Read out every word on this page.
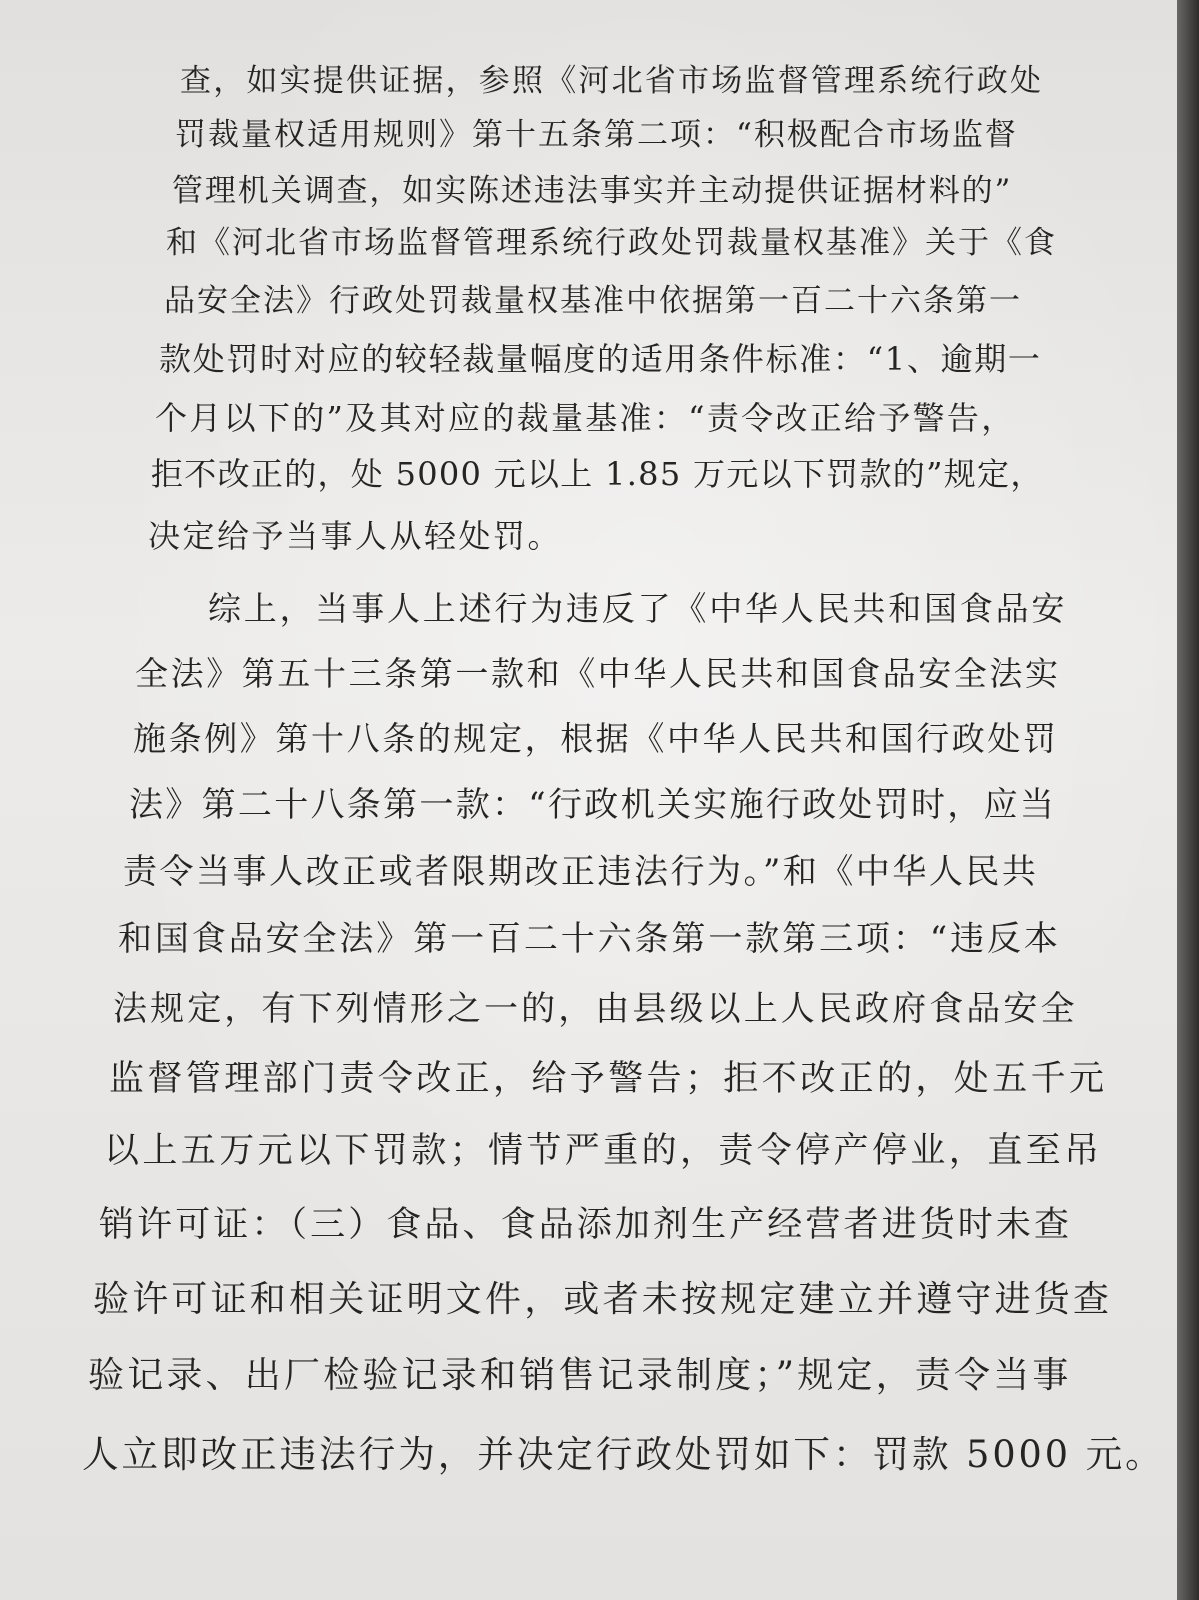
查，如实提供证据，参照《河北省市场监督管理系统行政处
罚裁量权适用规则》第十五条第二项：“积极配合市场监督
管理机关调查，如实陈述违法事实并主动提供证据材料的”
和《河北省市场监督管理系统行政处罚裁量权基准》关于《食
品安全法》行政处罚裁量权基准中依据第一百二十六条第一
款处罚时对应的较轻裁量幅度的适用条件标准：“1、逾期一
个月以下的”及其对应的裁量基准：“责令改正给予警告，
拒不改正的，处 5000 元以上 1.85 万元以下罚款的”规定，
决定给予当事人从轻处罚。
综上，当事人上述行为违反了《中华人民共和国食品安
全法》第五十三条第一款和《中华人民共和国食品安全法实
施条例》第十八条的规定，根据《中华人民共和国行政处罚
法》第二十八条第一款：“行政机关实施行政处罚时，应当
责令当事人改正或者限期改正违法行为。”和《中华人民共
和国食品安全法》第一百二十六条第一款第三项：“违反本
法规定，有下列情形之一的，由县级以上人民政府食品安全
监督管理部门责令改正，给予警告；拒不改正的，处五千元
以上五万元以下罚款；情节严重的，责令停产停业，直至吊
销许可证：（三）食品、食品添加剂生产经营者进货时未查
验许可证和相关证明文件，或者未按规定建立并遵守进货查
验记录、出厂检验记录和销售记录制度；”规定，责令当事
人立即改正违法行为，并决定行政处罚如下：罚款 5000 元。
